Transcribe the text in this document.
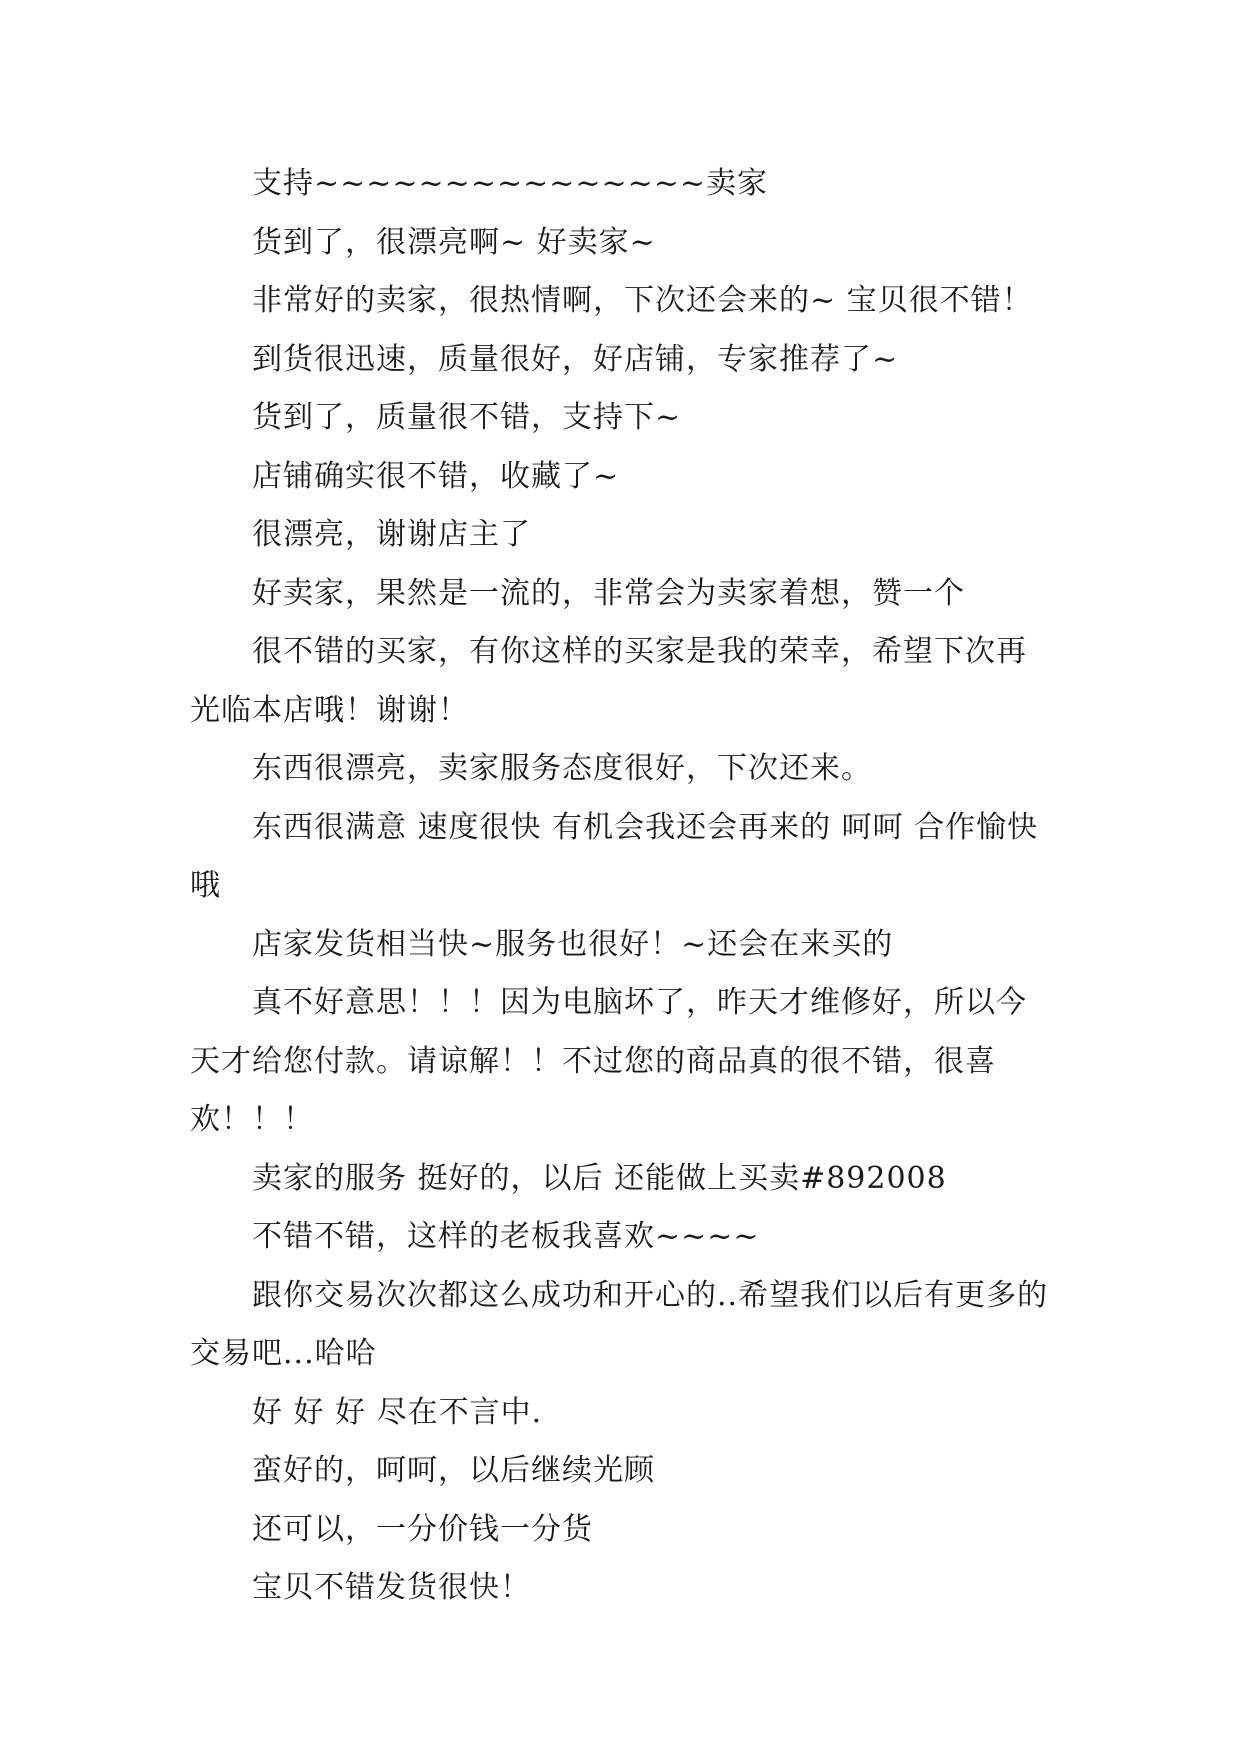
支持~~~~~~~~~~~~~~~卖家

货到了，很漂亮啊~ 好卖家~

非常好的卖家，很热情啊，下次还会来的~ 宝贝很不错！

到货很迅速，质量很好，好店铺，专家推荐了~

货到了，质量很不错，支持下~

店铺确实很不错，收藏了~

很漂亮，谢谢店主了

好卖家，果然是一流的，非常会为卖家着想，赞一个

很不错的买家，有你这样的买家是我的荣幸，希望下次再光临本店哦！谢谢！

东西很漂亮，卖家服务态度很好，下次还来。

东西很满意 速度很快 有机会我还会再来的 呵呵 合作愉快哦

店家发货相当快~服务也很好！~还会在来买的

真不好意思！！！因为电脑坏了，昨天才维修好，所以今天才给您付款。请谅解！！不过您的商品真的很不错，很喜欢！！！

卖家的服务 挺好的，以后 还能做上买卖#892008

不错不错，这样的老板我喜欢~~~~

跟你交易次次都这么成功和开心的..希望我们以后有更多的交易吧...哈哈

好 好 好 尽在不言中.

蛮好的，呵呵，以后继续光顾

还可以，一分价钱一分货

宝贝不错发货很快！
